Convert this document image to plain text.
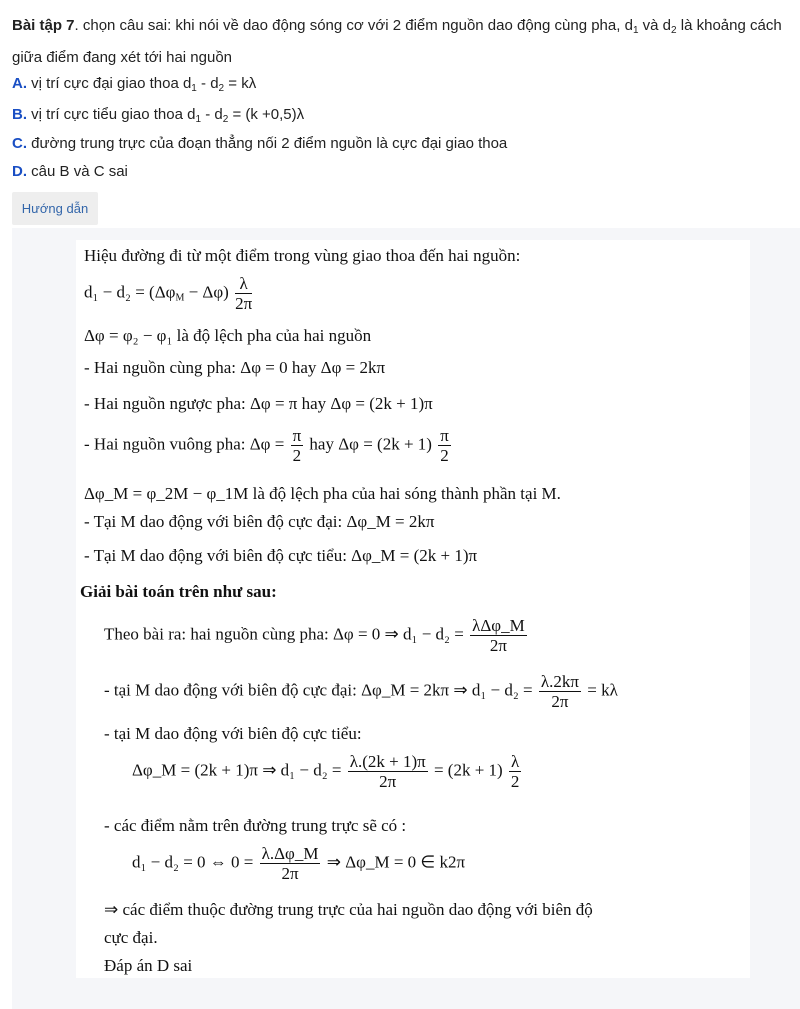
Bài tập 7. chọn câu sai: khi nói về dao động sóng cơ với 2 điểm nguồn dao động cùng pha, $d_1$ và $d_2$ là khoảng cách giữa điểm đang xét tới hai nguồn
A. vị trí cực đại giao thoa $d_1 - d_2 = k\lambda$
B. vị trí cực tiểu giao thoa $d_1 - d_2 = (k +0,5)\lambda$
C. đường trung trực của đoạn thẳng nối 2 điểm nguồn là cực đại giao thoa
D. câu B và C sai
Hướng dẫn
Hiệu đường đi từ một điểm trong vùng giao thoa đến hai nguồn:
$d_1 - d_2 = (\Delta\varphi_M - \Delta\varphi) \frac{\lambda}{2\pi}$
Δφ = φ₂ − φ₁ là độ lệch pha của hai nguồn
- Hai nguồn cùng pha: Δφ = 0 hay Δφ = 2kπ
- Hai nguồn ngược pha: Δφ = π hay Δφ = (2k + 1)π
- Hai nguồn vuông pha: $\Delta\varphi = \frac{\pi}{2}$ hay $\Delta\varphi = (2k + 1) \frac{\pi}{2}$
Δφ_M = φ_2M − φ_1M là độ lệch pha của hai sóng thành phần tại M.
- Tại M dao động với biên độ cực đại: Δφ_M = 2kπ
- Tại M dao động với biên độ cực tiểu: Δφ_M = (2k + 1)π
Giải bài toán trên như sau:
Theo bài ra: hai nguồn cùng pha: Δφ = 0 ⇒ $d_1 - d_2 = \frac{\text{λΔφ\_M}}{2\pi}$
- tại M dao động với biên độ cực đại: Δφ_M = 2kπ ⇒ $d_1 - d_2 = \frac{\lambda.2k\pi}{2\pi} = k\lambda$
- tại M dao động với biên độ cực tiểu:
Δφ_M = (2k + 1)π ⇒ $d_1 - d_2 = \frac{\lambda.(2k + 1)\pi}{2\pi} = (2k + 1) \frac{\lambda}{2}$
- các điểm nằm trên đường trung trực sẽ có :
d₁ − d₂ = 0 ⇔ $0 = \frac{\lambda.\Delta\varphi\_M}{2\pi}$ ⇒ Δφ_M = 0 ∈ k2π
⇒ các điểm thuộc đường trung trực của hai nguồn dao động với biên độ
cực đại.
Đáp án D sai
